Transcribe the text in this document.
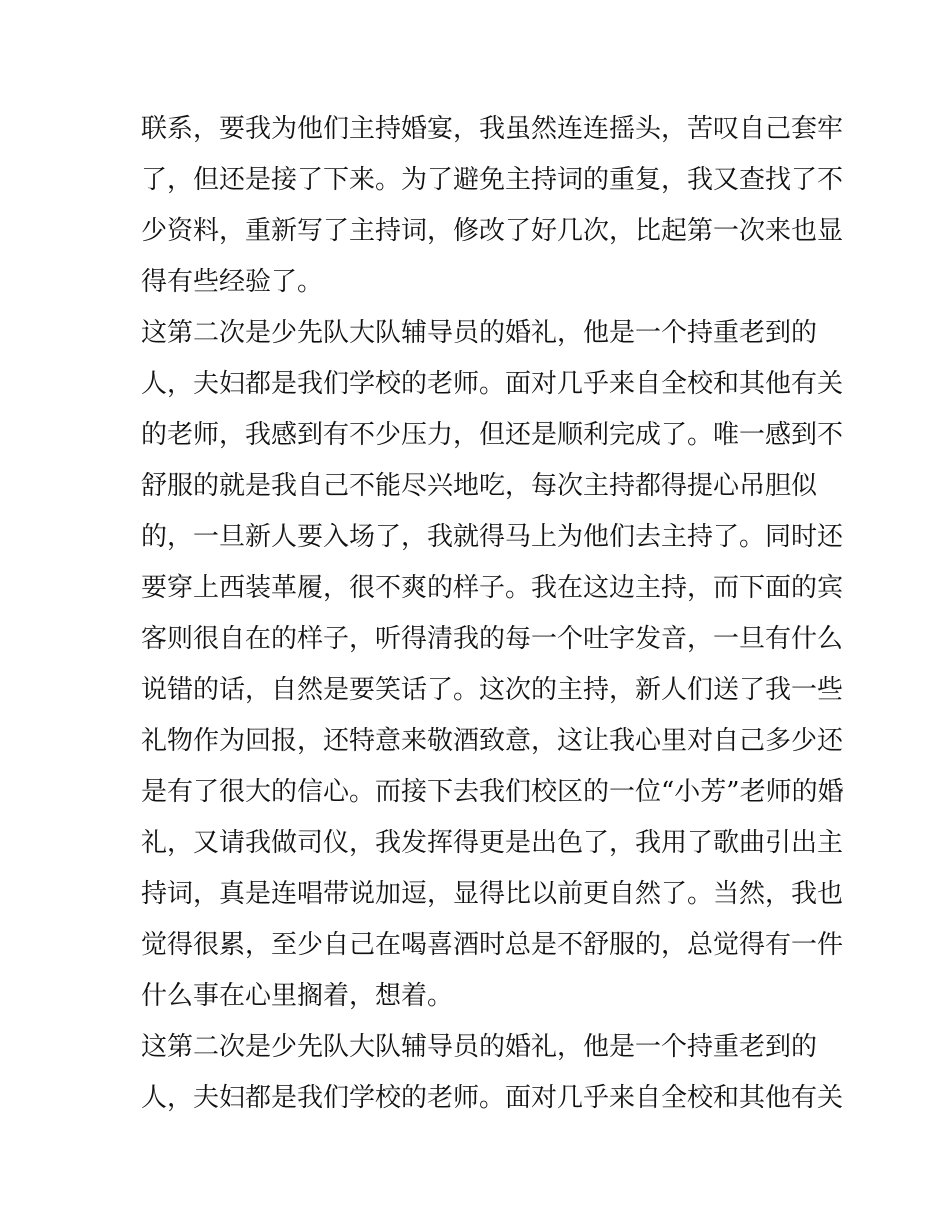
联系，要我为他们主持婚宴，我虽然连连摇头，苦叹自己套牢

了，但还是接了下来。为了避免主持词的重复，我又查找了不

少资料，重新写了主持词，修改了好几次，比起第一次来也显

得有些经验了。

这第二次是少先队大队辅导员的婚礼，他是一个持重老到的

人，夫妇都是我们学校的老师。面对几乎来自全校和其他有关

的老师，我感到有不少压力，但还是顺利完成了。唯一感到不

舒服的就是我自己不能尽兴地吃，每次主持都得提心吊胆似

的，一旦新人要入场了，我就得马上为他们去主持了。同时还

要穿上西装革履，很不爽的样子。我在这边主持，而下面的宾

客则很自在的样子，听得清我的每一个吐字发音，一旦有什么

说错的话，自然是要笑话了。这次的主持，新人们送了我一些

礼物作为回报，还特意来敬酒致意，这让我心里对自己多少还

是有了很大的信心。而接下去我们校区的一位“小芳”老师的婚

礼，又请我做司仪，我发挥得更是出色了，我用了歌曲引出主

持词，真是连唱带说加逗，显得比以前更自然了。当然，我也

觉得很累，至少自己在喝喜酒时总是不舒服的，总觉得有一件

什么事在心里搁着，想着。

这第二次是少先队大队辅导员的婚礼，他是一个持重老到的

人，夫妇都是我们学校的老师。面对几乎来自全校和其他有关
